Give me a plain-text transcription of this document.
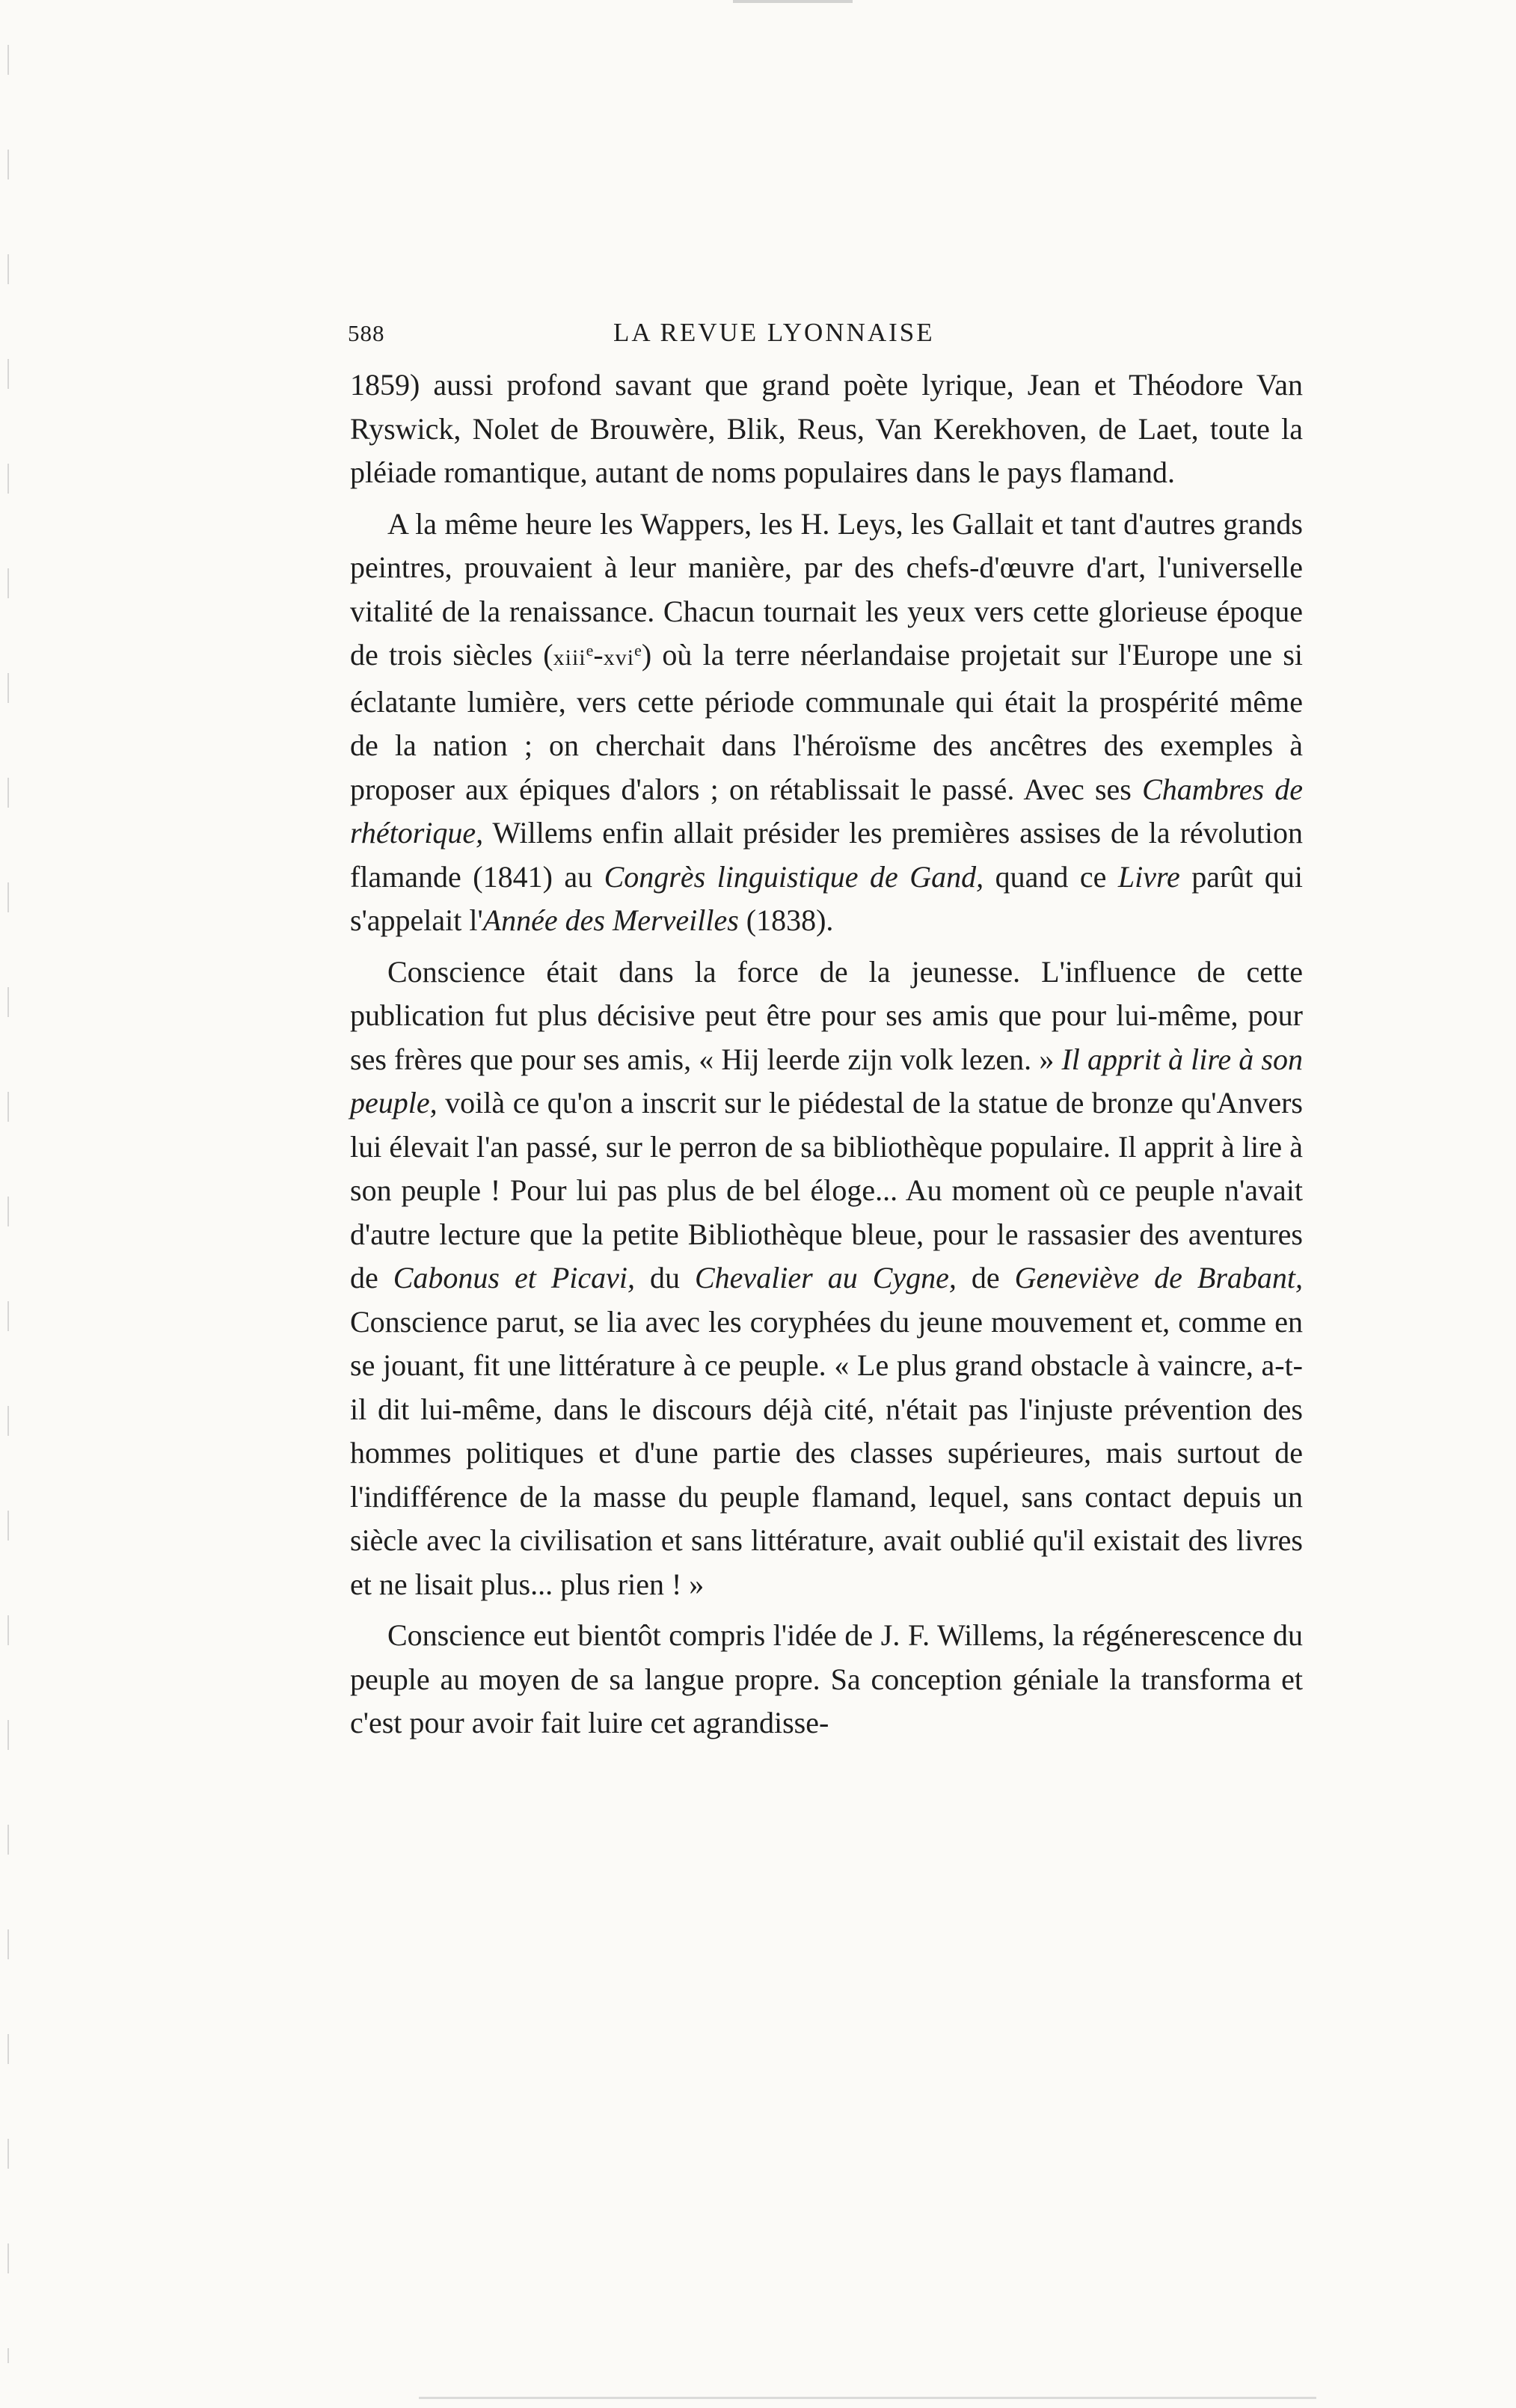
588	LA REVUE LYONNAISE

1859) aussi profond savant que grand poète lyrique, Jean et Théodore Van Ryswick, Nolet de Brouwère, Blik, Reus, Van Kerekhoven, de Laet, toute la pléiade romantique, autant de noms populaires dans le pays flamand.

A la même heure les Wappers, les H. Leys, les Gallait et tant d'autres grands peintres, prouvaient à leur manière, par des chefs-d'œuvre d'art, l'universelle vitalité de la renaissance. Chacun tournait les yeux vers cette glorieuse époque de trois siècles (xiii$^e$-xvi$^e$) où la terre néerlandaise projetait sur l'Europe une si éclatante lumière, vers cette période communale qui était la prospérité même de la nation ; on cherchait dans l'héroïsme des ancêtres des exemples à proposer aux épiques d'alors ; on rétablissait le passé. Avec ses Chambres de rhétorique, Willems enfin allait présider les premières assises de la révolution flamande (1841) au Congrès linguistique de Gand, quand ce Livre parût qui s'appelait l'Année des Merveilles (1838).

Conscience était dans la force de la jeunesse. L'influence de cette publication fut plus décisive peut être pour ses amis que pour lui-même, pour ses frères que pour ses amis, « Hij leerde zijn volk lezen. » Il apprit à lire à son peuple, voilà ce qu'on a inscrit sur le piédestal de la statue de bronze qu'Anvers lui élevait l'an passé, sur le perron de sa bibliothèque populaire. Il apprit à lire à son peuple ! Pour lui pas plus de bel éloge... Au moment où ce peuple n'avait d'autre lecture que la petite Bibliothèque bleue, pour le rassasier des aventures de Cabonus et Picavi, du Chevalier au Cygne, de Geneviève de Brabant, Conscience parut, se lia avec les coryphées du jeune mouvement et, comme en se jouant, fit une littérature à ce peuple. « Le plus grand obstacle à vaincre, a-t-il dit lui-même, dans le discours déjà cité, n'était pas l'injuste prévention des hommes politiques et d'une partie des classes supérieures, mais surtout de l'indifférence de la masse du peuple flamand, lequel, sans contact depuis un siècle avec la civilisation et sans littérature, avait oublié qu'il existait des livres et ne lisait plus... plus rien ! »

Conscience eut bientôt compris l'idée de J. F. Willems, la régénerescence du peuple au moyen de sa langue propre. Sa conception géniale la transforma et c'est pour avoir fait luire cet agrandisse-
